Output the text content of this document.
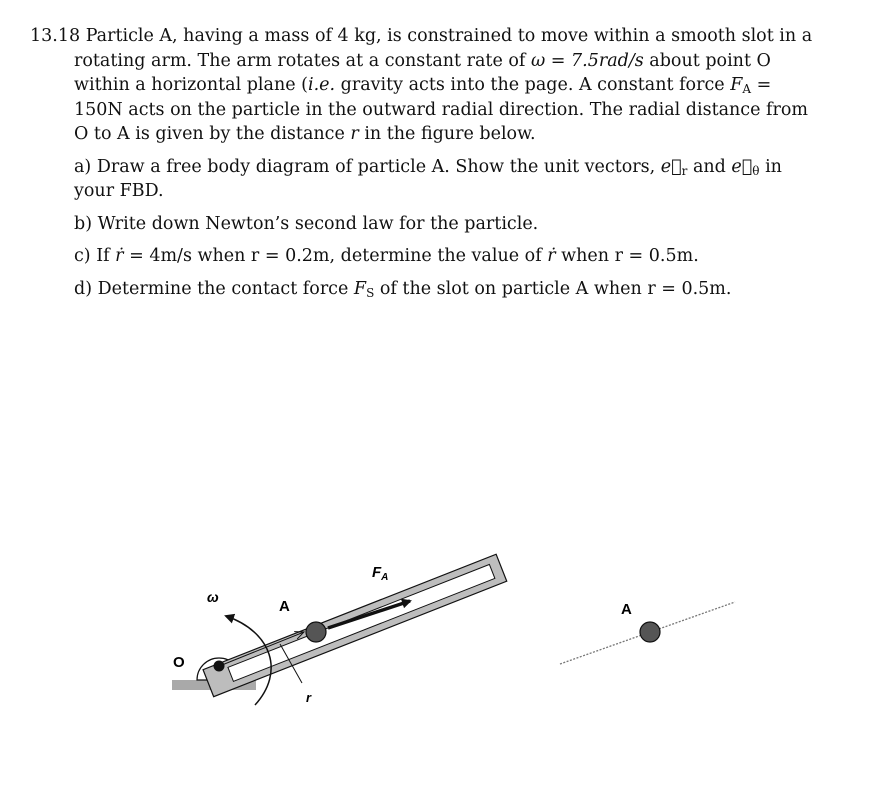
13.18 Particle A, having a mass of 4 kg, is constrained to move within a smooth slot in a rotating arm. The arm rotates at a constant rate of ω = 7.5rad/s about point O within a horizontal plane (i.e. gravity acts into the page. A constant force $F_A = 150N$ acts on the particle in the outward radial direction. The radial distance from O to A is given by the distance r in the figure below.

a) Draw a free body diagram of particle A. Show the unit vectors, $e⃗_r$ and $e⃗_\theta$ in your FBD.

b) Write down Newton’s second law for the particle.

c) If ṙ = 4m/s when r = 0.2m, determine the value of ṙ when r = 0.5m.

d) Determine the contact force $F_S$ of the slot on particle A when r = 0.5m.

O
ω
A
$F_A$
r
A
